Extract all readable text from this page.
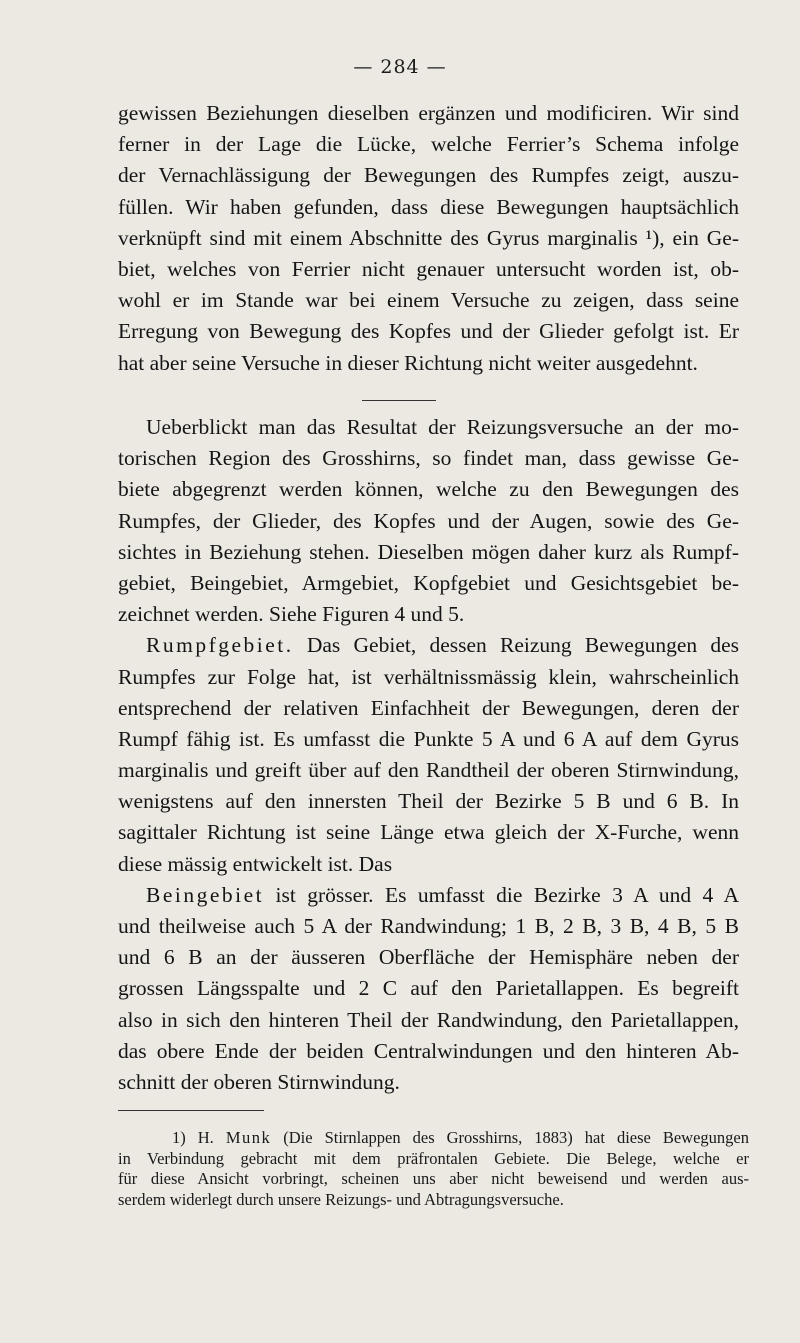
— 284 —
gewissen Beziehungen dieselben ergänzen und modificiren. Wir sind
ferner in der Lage die Lücke, welche Ferrier’s Schema infolge
der Vernachlässigung der Bewegungen des Rumpfes zeigt, auszu-
füllen. Wir haben gefunden, dass diese Bewegungen hauptsächlich
verknüpft sind mit einem Abschnitte des Gyrus marginalis ¹), ein Ge-
biet, welches von Ferrier nicht genauer untersucht worden ist, ob-
wohl er im Stande war bei einem Versuche zu zeigen, dass seine
Erregung von Bewegung des Kopfes und der Glieder gefolgt ist. Er
hat aber seine Versuche in dieser Richtung nicht weiter ausgedehnt.
Ueberblickt man das Resultat der Reizungsversuche an der mo-
torischen Region des Grosshirns, so findet man, dass gewisse Ge-
biete abgegrenzt werden können, welche zu den Bewegungen des
Rumpfes, der Glieder, des Kopfes und der Augen, sowie des Ge-
sichtes in Beziehung stehen. Dieselben mögen daher kurz als Rumpf-
gebiet, Beingebiet, Armgebiet, Kopfgebiet und Gesichtsgebiet be-
zeichnet werden. Siehe Figuren 4 und 5.
Rumpfgebiet. Das Gebiet, dessen Reizung Bewegungen des
Rumpfes zur Folge hat, ist verhältnissmässig klein, wahrscheinlich
entsprechend der relativen Einfachheit der Bewegungen, deren der
Rumpf fähig ist. Es umfasst die Punkte 5 A und 6 A auf dem Gyrus
marginalis und greift über auf den Randtheil der oberen Stirnwindung,
wenigstens auf den innersten Theil der Bezirke 5 B und 6 B. In
sagittaler Richtung ist seine Länge etwa gleich der X-Furche, wenn
diese mässig entwickelt ist. Das
Beingebiet ist grösser. Es umfasst die Bezirke 3 A und 4 A
und theilweise auch 5 A der Randwindung; 1 B, 2 B, 3 B, 4 B, 5 B
und 6 B an der äusseren Oberfläche der Hemisphäre neben der
grossen Längsspalte und 2 C auf den Parietallappen. Es begreift
also in sich den hinteren Theil der Randwindung, den Parietallappen,
das obere Ende der beiden Centralwindungen und den hinteren Ab-
schnitt der oberen Stirnwindung.
1) H. Munk (Die Stirnlappen des Grosshirns, 1883) hat diese Bewegungen
in Verbindung gebracht mit dem präfrontalen Gebiete. Die Belege, welche er
für diese Ansicht vorbringt, scheinen uns aber nicht beweisend und werden aus-
serdem widerlegt durch unsere Reizungs- und Abtragungsversuche.
